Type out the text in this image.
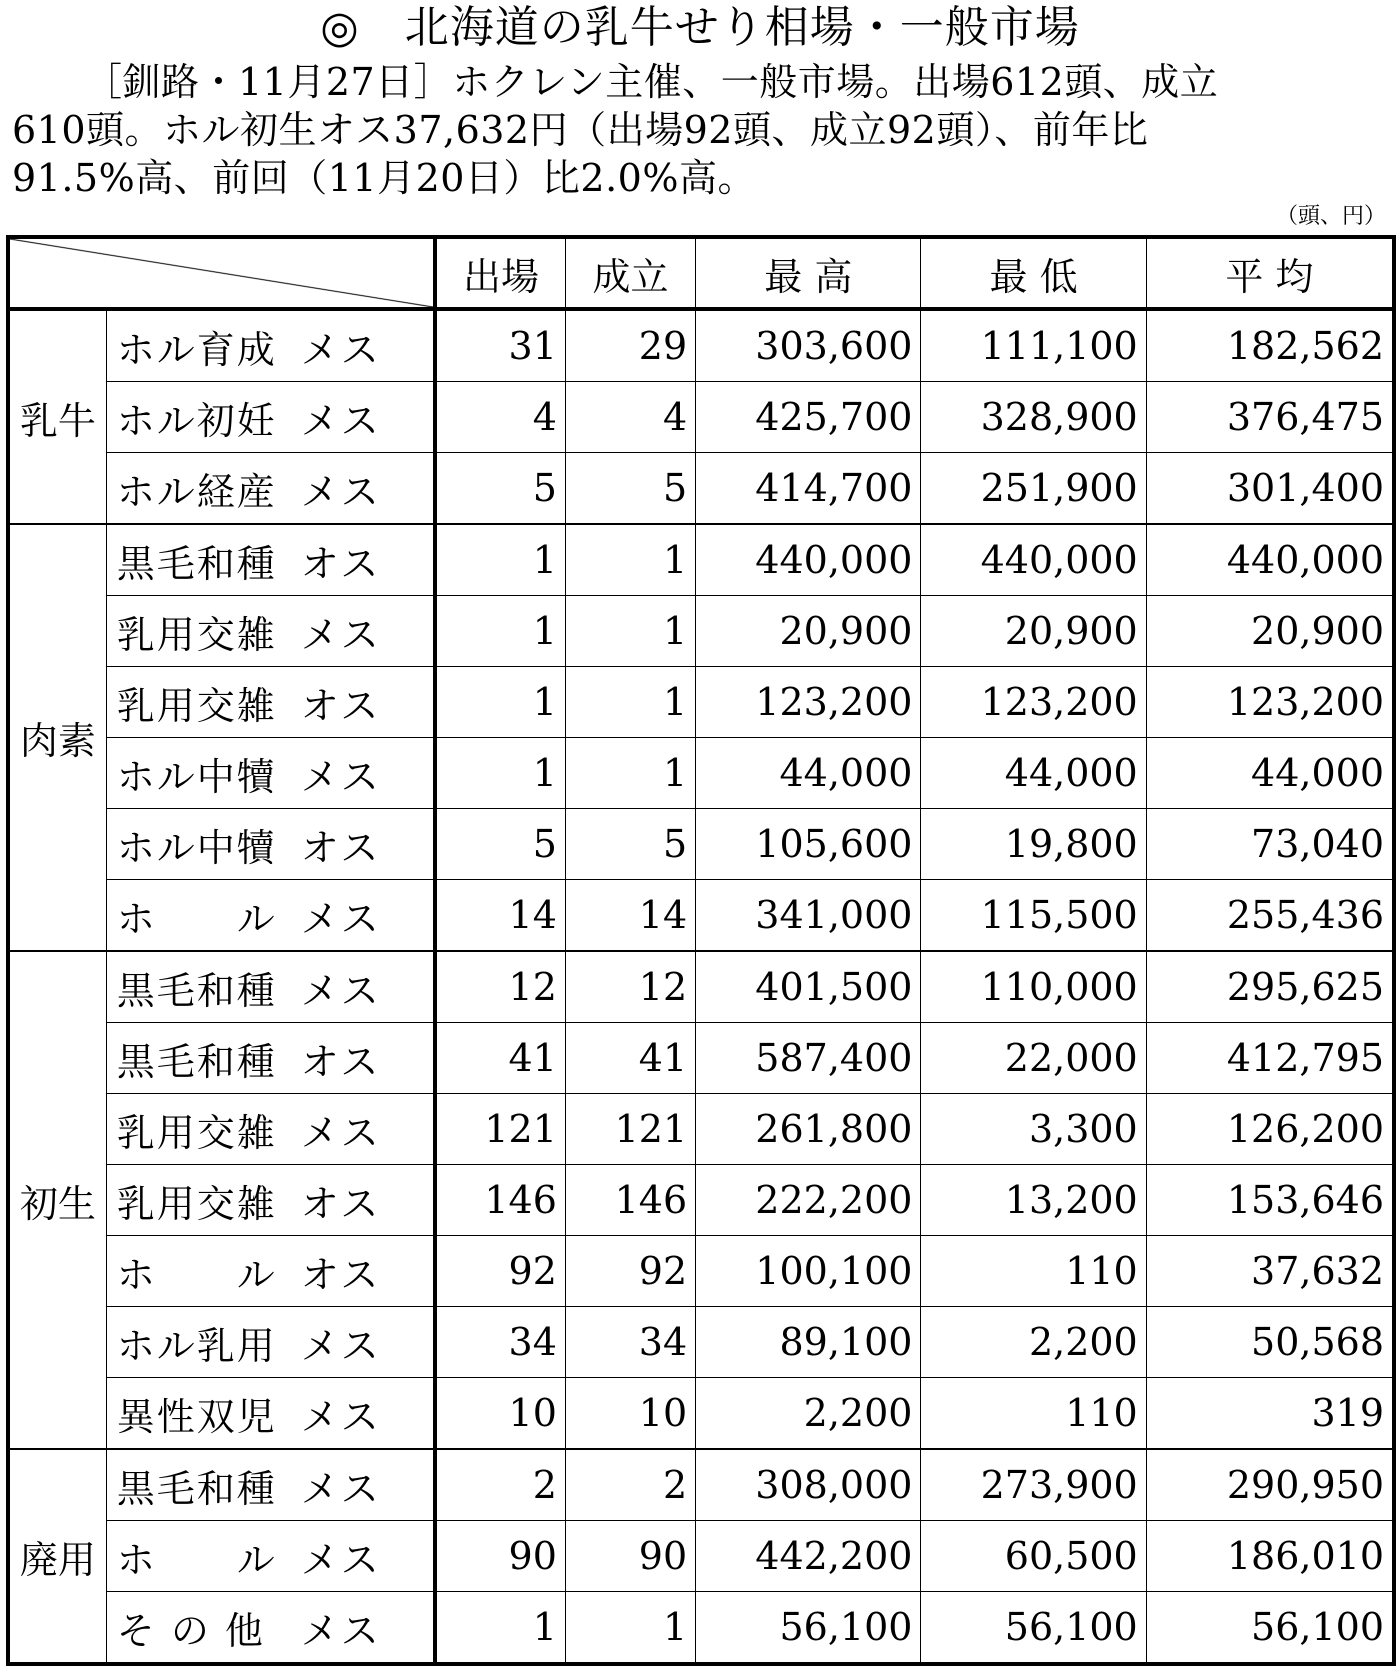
◎　北海道の乳牛せり相場・一般市場
［釧路・11月27日］ホクレン主催、一般市場。出場612頭、成立
610頭。ホル初生オス37,632円（出場92頭、成立92頭）、前年比
91.5%高、前回（11月20日）比2.0%高。
（頭、円）
		出場	成立	最 高	最 低	平 均
乳牛	ホル育成 メス	31	29	303,600	111,100	182,562
	ホル初妊 メス	4	4	425,700	328,900	376,475
	ホル経産 メス	5	5	414,700	251,900	301,400
肉素	黒毛和種 オス	1	1	440,000	440,000	440,000
	乳用交雑 メス	1	1	20,900	20,900	20,900
	乳用交雑 オス	1	1	123,200	123,200	123,200
	ホル中犢 メス	1	1	44,000	44,000	44,000
	ホル中犢 オス	5	5	105,600	19,800	73,040
	ホ　　ル メス	14	14	341,000	115,500	255,436
初生	黒毛和種 メス	12	12	401,500	110,000	295,625
	黒毛和種 オス	41	41	587,400	22,000	412,795
	乳用交雑 メス	121	121	261,800	3,300	126,200
	乳用交雑 オス	146	146	222,200	13,200	153,646
	ホ　　ル オス	92	92	100,100	110	37,632
	ホル乳用 メス	34	34	89,100	2,200	50,568
	異性双児 メス	10	10	2,200	110	319
廃用	黒毛和種 メス	2	2	308,000	273,900	290,950
	ホ　　ル メス	90	90	442,200	60,500	186,010
	そ の 他 メス	1	1	56,100	56,100	56,100
